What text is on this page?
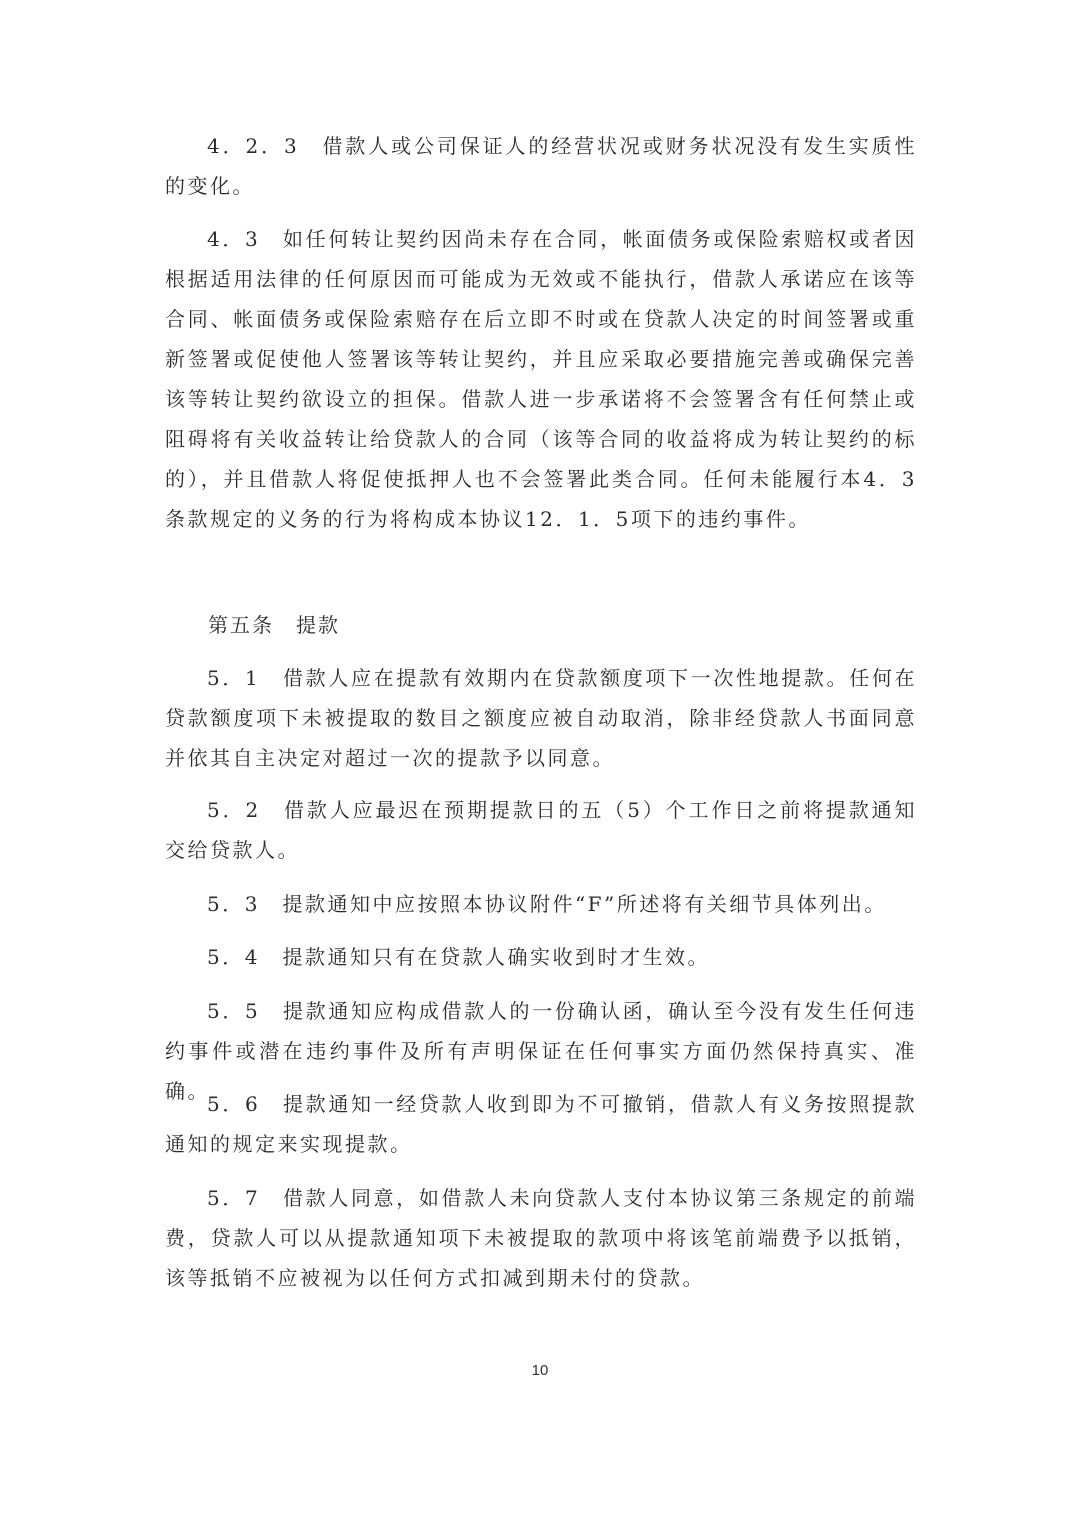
4．2．3　借款人或公司保证人的经营状况或财务状况没有发生实质性的变化。

4．3　如任何转让契约因尚未存在合同，帐面债务或保险索赔权或者因根据适用法律的任何原因而可能成为无效或不能执行，借款人承诺应在该等合同、帐面债务或保险索赔存在后立即不时或在贷款人决定的时间签署或重新签署或促使他人签署该等转让契约，并且应采取必要措施完善或确保完善该等转让契约欲设立的担保。借款人进一步承诺将不会签署含有任何禁止或阻碍将有关收益转让给贷款人的合同（该等合同的收益将成为转让契约的标的），并且借款人将促使抵押人也不会签署此类合同。任何未能履行本4．3条款规定的义务的行为将构成本协议12．1．5项下的违约事件。

第五条　提款

5．1　借款人应在提款有效期内在贷款额度项下一次性地提款。任何在贷款额度项下未被提取的数目之额度应被自动取消，除非经贷款人书面同意并依其自主决定对超过一次的提款予以同意。

5．2　借款人应最迟在预期提款日的五（5）个工作日之前将提款通知交给贷款人。

5．3　提款通知中应按照本协议附件“F”所述将有关细节具体列出。

5．4　提款通知只有在贷款人确实收到时才生效。

5．5　提款通知应构成借款人的一份确认函，确认至今没有发生任何违约事件或潜在违约事件及所有声明保证在任何事实方面仍然保持真实、准确。

5．6　提款通知一经贷款人收到即为不可撤销，借款人有义务按照提款通知的规定来实现提款。

5．7　借款人同意，如借款人未向贷款人支付本协议第三条规定的前端费，贷款人可以从提款通知项下未被提取的款项中将该笔前端费予以抵销，该等抵销不应被视为以任何方式扣减到期未付的贷款。

10
